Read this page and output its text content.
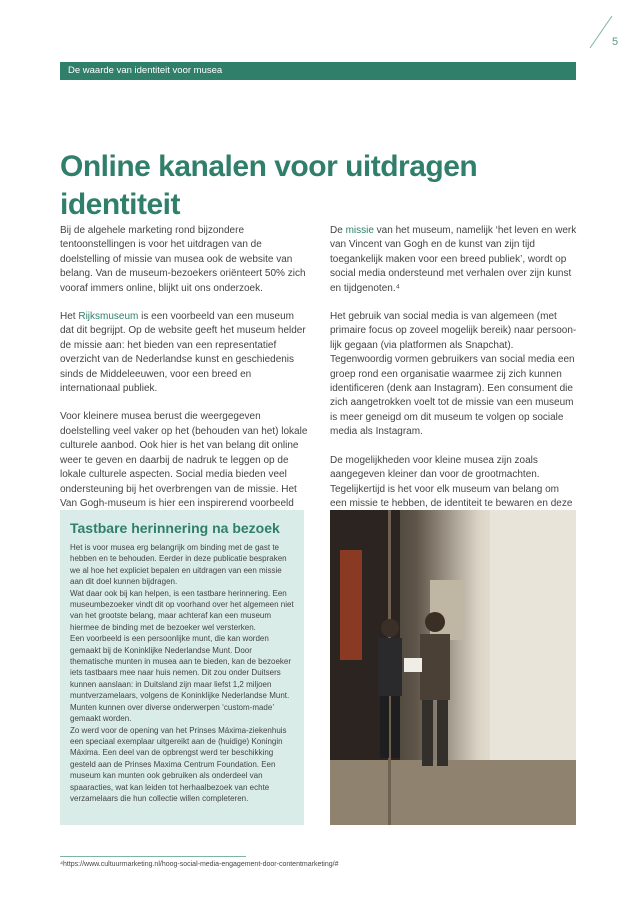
5
De waarde van identiteit voor musea
Online kanalen voor uitdragen identiteit

Bij de algehele marketing rond bijzondere tentoonstellingen is voor het uitdragen van de doelstelling of missie van musea ook de website van belang. Van de museum-bezoekers oriënteert 50% zich vooraf immers online, blijkt uit ons onderzoek.

Het Rijksmuseum is een voorbeeld van een museum dat dit begrijpt. Op de website geeft het museum helder de missie aan: het bieden van een representatief overzicht van de Nederlandse kunst en geschiedenis sinds de Middeleeuwen, voor een breed en internationaal publiek.

Voor kleinere musea berust die weergegeven doelstelling veel vaker op het (behouden van het) lokale culturele aanbod. Ook hier is het van belang dit online weer te geven en daarbij de nadruk te leggen op de lokale culturele aspecten. Social media bieden veel ondersteuning bij het overbrengen van de missie. Het Van Gogh-museum is hier een inspirerend voorbeeld

De missie van het museum, namelijk ‘het leven en werk van Vincent van Gogh en de kunst van zijn tijd toegankelijk maken voor een breed publiek’, wordt op social media ondersteund met verhalen over zijn kunst en tijdgenoten.⁴

Het gebruik van social media is van algemeen (met primaire focus op zoveel mogelijk bereik) naar persoon-lijk gegaan (via platformen als Snapchat). Tegenwoordig vormen gebruikers van social media een groep rond een organisatie waarmee zij zich kunnen identificeren (denk aan Instagram). Een consument die zich aangetrokken voelt tot de missie van een museum is meer geneigd om dit museum te volgen op sociale media als Instagram.

De mogelijkheden voor kleine musea zijn zoals aangegeven kleiner dan voor de grootmachten. Tegelijkertijd is het voor elk museum van belang om een missie te hebben, de identiteit te bewaren en deze

Tastbare herinnering na bezoek

Het is voor musea erg belangrijk om binding met de gast te hebben en te behouden. Eerder in deze publicatie bespraken we al hoe het expliciet bepalen en uitdragen van een missie aan dit doel kunnen bijdragen.
Wat daar ook bij kan helpen, is een tastbare herinnering. Een museumbezoeker vindt dit op voorhand over het algemeen niet van het grootste belang, maar achteraf kan een museum hiermee de binding met de bezoeker wel versterken.
Een voorbeeld is een persoonlijke munt, die kan worden gemaakt bij de Koninklijke Nederlandse Munt. Door thematische munten in musea aan te bieden, kan de bezoeker iets tastbaars mee naar huis nemen. Dit zou onder Duitsers kunnen aanslaan: in Duitsland zijn maar liefst 1,2 miljoen muntverzamelaars, volgens de Koninklijke Nederlandse Munt. Munten kunnen over diverse onderwerpen ‘custom-made’ gemaakt worden.
Zo werd voor de opening van het Prinses Máxima-ziekenhuis een speciaal exemplaar uitgereikt aan de (huidige) Koningin Máxima. Een deel van de opbrengst werd ter beschikking gesteld aan de Prinses Maxima Centrum Foundation. Een museum kan munten ook gebruiken als onderdeel van spaaracties, wat kan leiden tot herhaalbezoek van echte verzamelaars die hun collectie willen completeren.

⁴https://www.cultuurmarketing.nl/hoog-social-media-engagement-door-contentmarketing/#
